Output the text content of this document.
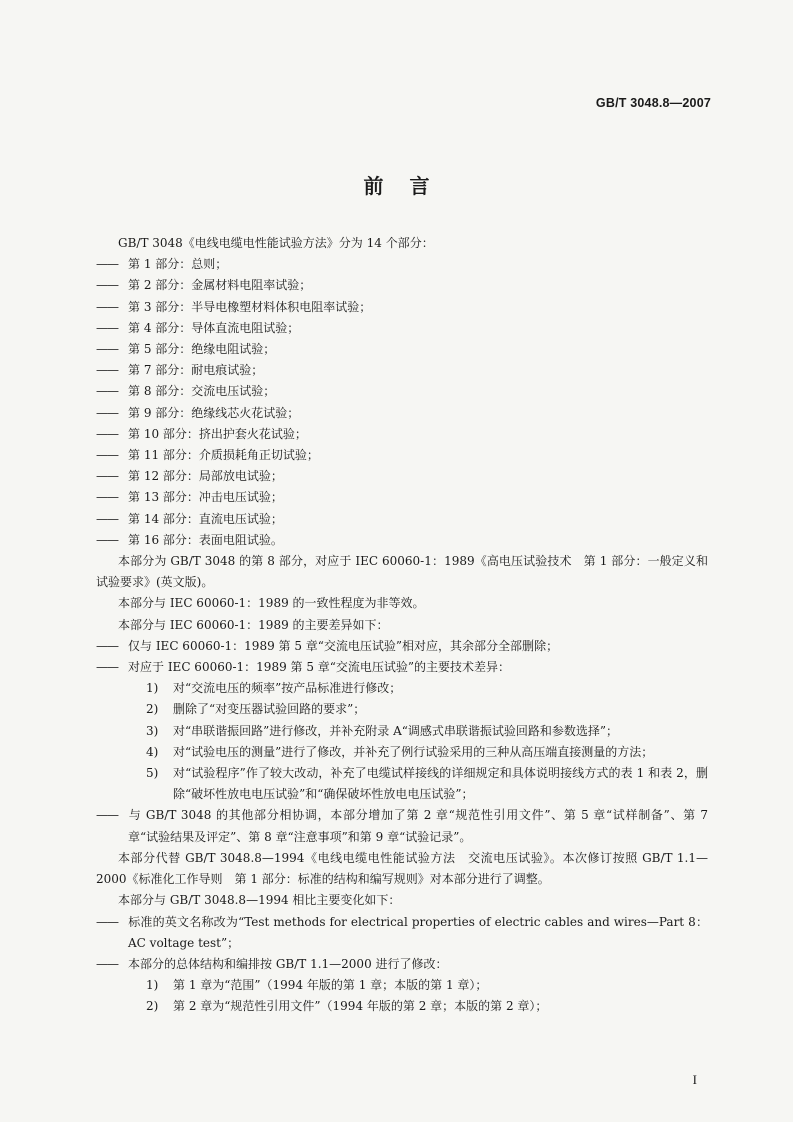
GB/T 3048.8—2007
前言
GB/T 3048《电线电缆电性能试验方法》分为 14 个部分：
—— 第 1 部分：总则；
—— 第 2 部分：金属材料电阻率试验；
—— 第 3 部分：半导电橡塑材料体积电阻率试验；
—— 第 4 部分：导体直流电阻试验；
—— 第 5 部分：绝缘电阻试验；
—— 第 7 部分：耐电痕试验；
—— 第 8 部分：交流电压试验；
—— 第 9 部分：绝缘线芯火花试验；
—— 第 10 部分：挤出护套火花试验；
—— 第 11 部分：介质损耗角正切试验；
—— 第 12 部分：局部放电试验；
—— 第 13 部分：冲击电压试验；
—— 第 14 部分：直流电压试验；
—— 第 16 部分：表面电阻试验。
本部分为 GB/T 3048 的第 8 部分，对应于 IEC 60060-1：1989《高电压试验技术　第 1 部分：一般定义和试验要求》(英文版)。
本部分与 IEC 60060-1：1989 的一致性程度为非等效。
本部分与 IEC 60060-1：1989 的主要差异如下：
—— 仅与 IEC 60060-1：1989 第 5 章“交流电压试验”相对应，其余部分全部删除；
—— 对应于 IEC 60060-1：1989 第 5 章“交流电压试验”的主要技术差异：
1)	对“交流电压的频率”按产品标准进行修改；
2)	删除了“对变压器试验回路的要求”；
3)	对“串联谐振回路”进行修改，并补充附录 A“调感式串联谐振试验回路和参数选择”；
4)	对“试验电压的测量”进行了修改，并补充了例行试验采用的三种从高压端直接测量的方法；
5)	对“试验程序”作了较大改动，补充了电缆试样接线的详细规定和具体说明接线方式的表 1 和表 2，删除“破坏性放电电压试验”和“确保破坏性放电电压试验”；
—— 与 GB/T 3048 的其他部分相协调，本部分增加了第 2 章“规范性引用文件”、第 5 章“试样制备”、第 7 章“试验结果及评定”、第 8 章“注意事项”和第 9 章“试验记录”。
本部分代替 GB/T 3048.8—1994《电线电缆电性能试验方法　交流电压试验》。本次修订按照 GB/T 1.1—2000《标准化工作导则　第 1 部分：标准的结构和编写规则》对本部分进行了调整。
本部分与 GB/T 3048.8—1994 相比主要变化如下：
—— 标准的英文名称改为“Test methods for electrical properties of electric cables and wires—Part 8：AC voltage test”；
—— 本部分的总体结构和编排按 GB/T 1.1—2000 进行了修改：
1)	第 1 章为“范围”（1994 年版的第 1 章；本版的第 1 章）；
2)	第 2 章为“规范性引用文件”（1994 年版的第 2 章；本版的第 2 章）；
I
